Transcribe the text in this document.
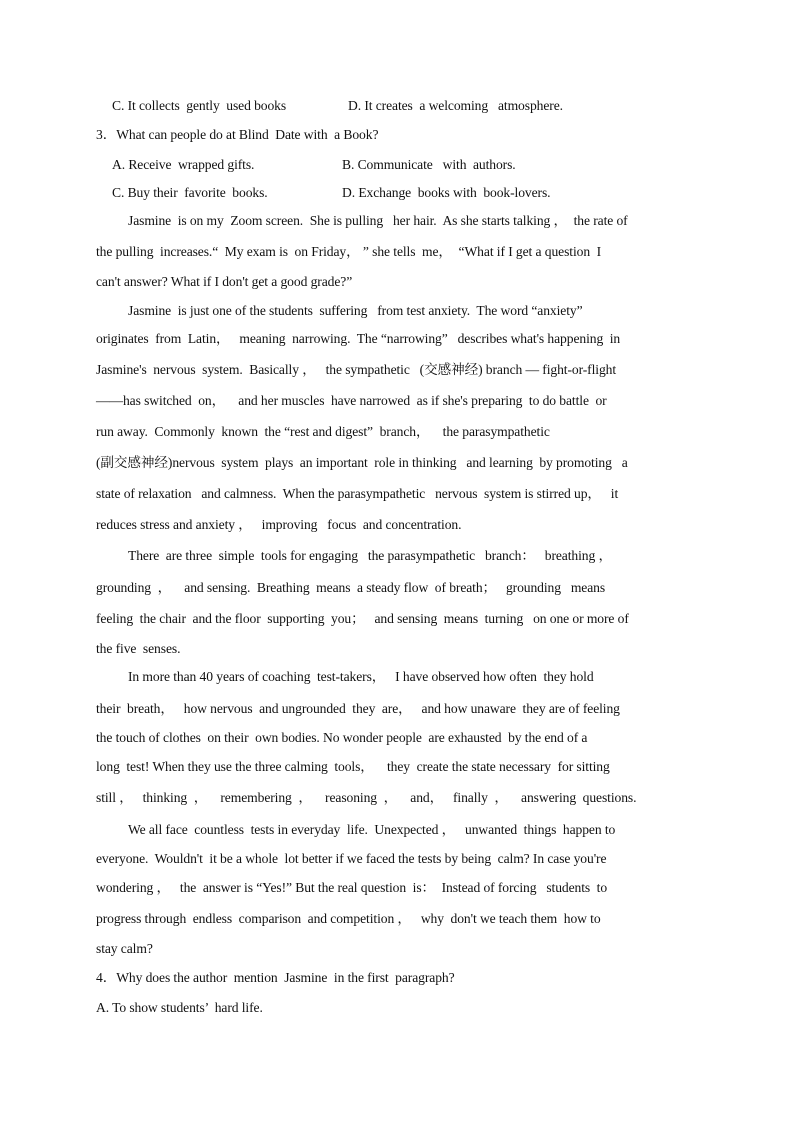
C. It collects  gently  used books	D. It creates  a welcoming   atmosphere.
3．What can people do at Blind  Date with  a Book?
A. Receive  wrapped gifts.	B. Communicate   with  authors.
C. Buy their  favorite  books.	D. Exchange  books with  book-lovers.
Jasmine  is on my  Zoom screen.  She is pulling   her hair.  As she starts talking ，  the rate of
the pulling  increases.“  My exam is  on Friday， ” she tells  me，  “What if I get a question  I
can't answer? What if I don't get a good grade?”
Jasmine  is just one of the students  suffering   from test anxiety.  The word “anxiety”
originates  from  Latin，   meaning  narrowing.  The “narrowing”   describes what's happening  in
Jasmine's  nervous  system.  Basically ，   the sympathetic   (交感神经) branch — fight-or-flight
——has switched  on，    and her muscles  have narrowed  as if she's preparing  to do battle  or
run away.  Commonly  known  the “rest and digest”  branch，    the parasympathetic
(副交感神经)nervous  system  plays  an important  role in thinking   and learning  by promoting   a
state of relaxation   and calmness.  When the parasympathetic   nervous  system is stirred up，   it
reduces stress and anxiety ，   improving   focus  and concentration.
There  are three  simple  tools for engaging   the parasympathetic   branch：   breathing ，
grounding  ，    and sensing.  Breathing  means  a steady flow  of breath；   grounding   means
feeling  the chair  and the floor  supporting  you；   and sensing  means  turning   on one or more of
the five  senses.
In more than 40 years of coaching  test-takers，   I have observed how often  they hold
their  breath，   how nervous  and ungrounded  they  are，   and how unaware  they are of feeling
the touch of clothes  on their  own bodies. No wonder people  are exhausted  by the end of a
long  test! When they use the three calming  tools，    they  create the state necessary  for sitting
still ，   thinking  ，    remembering  ，    reasoning  ，    and，   finally  ，    answering  questions.
We all face  countless  tests in everyday  life.  Unexpected ，   unwanted  things  happen to
everyone.  Wouldn't  it be a whole  lot better if we faced the tests by being  calm? In case you're
wondering ，   the  answer is “Yes!” But the real question  is：  Instead of forcing   students  to
progress through  endless  comparison  and competition ，   why  don't we teach them  how to
stay calm?
4．Why does the author  mention  Jasmine  in the first  paragraph?
A. To show students’  hard life.
